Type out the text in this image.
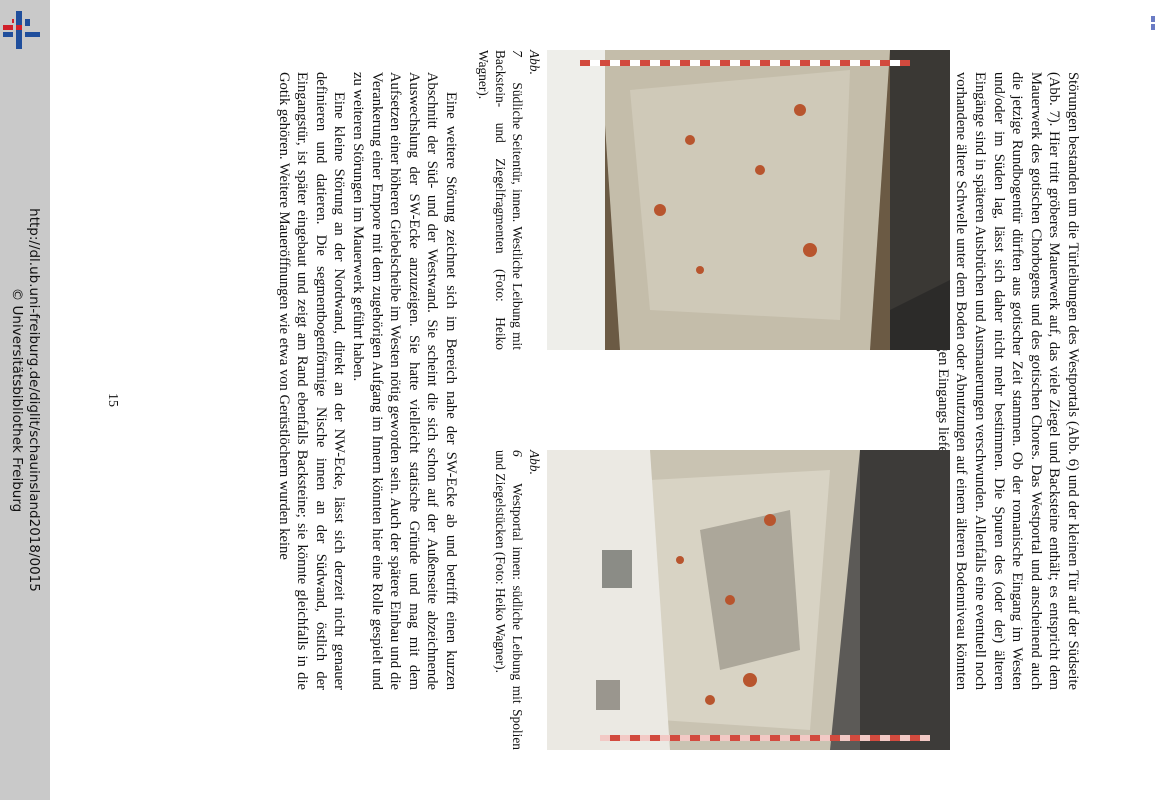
http://dl.ub.uni-freiburg.de/diglit/schauinsland2018/0015
© Universitätsbibliothek Freiburg

Störungen bestanden um die Türleibungen des Westportals (Abb. 6) und der kleinen Tür auf der Südseite (Abb. 7). Hier tritt gröberes Mauerwerk auf, das viele Ziegel und Backsteine enthält; es entspricht dem Mauerwerk des gotischen Chorbogens und des gotischen Chores. Das Westportal und anscheinend auch die jetzige Rundbogentür dürften aus gotischer Zeit stammen. Ob der romanische Eingang im Westen und/oder im Süden lag, lässt sich daher nicht mehr bestimmen. Die Spuren des (oder der) älteren Eingänge sind in späteren Ausbrüchen und Ausmauerungen verschwunden. Allenfalls eine eventuell noch vorhandene ältere Schwelle unter dem Boden oder Abnutzungen auf einem älteren Bodenniveau könnten Eingangs liefern.

Abb. 6 Westportal innen: südliche Leibung mit Spolien und Ziegelstücken (Foto: Heiko Wagner).
Abb. 7 Südliche Seitentür, innen. Westliche Leibung mit Backstein- und Ziegelfragmenten (Foto: Heiko Wagner).

Eine weitere Störung zeichnet sich im Bereich nahe der SW-Ecke ab und betrifft einen kurzen Abschnitt der Süd- und der Westwand. Sie scheint die sich schon auf der Außenseite abzeichnende Auswechslung der SW-Ecke anzuzeigen. Sie hatte vielleicht statische Gründe und mag mit dem Aufsetzen einer höheren Giebelscheibe im Westen nötig geworden sein. Auch der spätere Einbau und die Verankerung einer Empore mit dem zugehörigen Aufgang im Innern könnten hier eine Rolle gespielt und zu weiteren Störungen im Mauerwerk geführt haben.

Eine kleine Störung an der Nordwand, direkt an der NW-Ecke, lässt sich derzeit nicht genauer definieren und datieren. Die segmentbogenförmige Nische innen an der Südwand, östlich der Eingangstür, ist später eingebaut und zeigt am Rand ebenfalls Backsteine; sie könnte gleichfalls in die Gotik gehören. Weitere Maueröffnungen wie etwa von Gerüstlöchern wurden keine

15
